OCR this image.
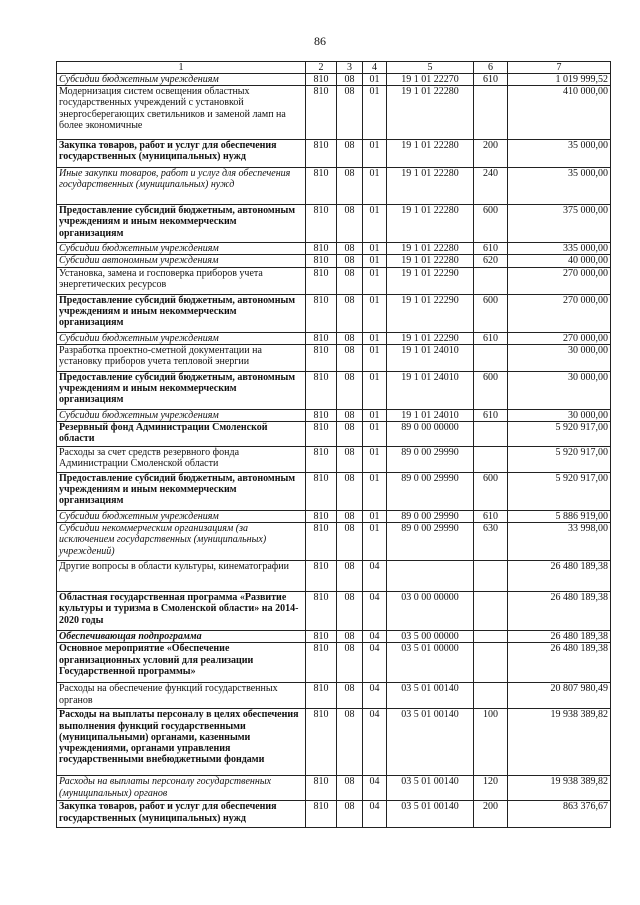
86
1	2	3	4	5	6	7
Субсидии бюджетным учреждениям	810	08	01	19 1 01 22270	610	1 019 999,52
Модернизация систем освещения областных государственных учреждений с установкой энергосберегающих светильников и заменой ламп на более экономичные	810	08	01	19 1 01 22280		410 000,00
Закупка товаров, работ и услуг для обеспечения государственных (муниципальных) нужд	810	08	01	19 1 01 22280	200	35 000,00
Иные закупки товаров, работ и услуг для обеспечения государственных (муниципальных) нужд	810	08	01	19 1 01 22280	240	35 000,00
Предоставление субсидий бюджетным, автономным учреждениям и иным некоммерческим организациям	810	08	01	19 1 01 22280	600	375 000,00
Субсидии бюджетным учреждениям	810	08	01	19 1 01 22280	610	335 000,00
Субсидии автономным учреждениям	810	08	01	19 1 01 22280	620	40 000,00
Установка, замена и госповерка приборов учета энергетических ресурсов	810	08	01	19 1 01 22290		270 000,00
Предоставление субсидий бюджетным, автономным учреждениям и иным некоммерческим организациям	810	08	01	19 1 01 22290	600	270 000,00
Субсидии бюджетным учреждениям	810	08	01	19 1 01 22290	610	270 000,00
Разработка проектно-сметной документации на установку приборов учета тепловой энергии	810	08	01	19 1 01 24010		30 000,00
Предоставление субсидий бюджетным, автономным учреждениям и иным некоммерческим организациям	810	08	01	19 1 01 24010	600	30 000,00
Субсидии бюджетным учреждениям	810	08	01	19 1 01 24010	610	30 000,00
Резервный фонд Администрации Смоленской области	810	08	01	89 0 00 00000		5 920 917,00
Расходы за счет средств резервного фонда Администрации Смоленской области	810	08	01	89 0 00 29990		5 920 917,00
Предоставление субсидий бюджетным, автономным учреждениям и иным некоммерческим организациям	810	08	01	89 0 00 29990	600	5 920 917,00
Субсидии бюджетным учреждениям	810	08	01	89 0 00 29990	610	5 886 919,00
Субсидии некоммерческим организациям (за исключением государственных (муниципальных) учреждений)	810	08	01	89 0 00 29990	630	33 998,00
Другие вопросы в области культуры, кинематографии	810	08	04			26 480 189,38
Областная государственная программа «Развитие культуры и туризма в Смоленской области» на 2014-2020 годы	810	08	04	03 0 00 00000		26 480 189,38
Обеспечивающая подпрограмма	810	08	04	03 5 00 00000		26 480 189,38
Основное мероприятие «Обеспечение организационных условий для реализации Государственной программы»	810	08	04	03 5 01 00000		26 480 189,38
Расходы на обеспечение функций государственных органов	810	08	04	03 5 01 00140		20 807 980,49
Расходы на выплаты персоналу в целях обеспечения выполнения функций государственными (муниципальными) органами, казенными учреждениями, органами управления государственными внебюджетными фондами	810	08	04	03 5 01 00140	100	19 938 389,82
Расходы на выплаты персоналу государственных (муниципальных) органов	810	08	04	03 5 01 00140	120	19 938 389,82
Закупка товаров, работ и услуг для обеспечения государственных (муниципальных) нужд	810	08	04	03 5 01 00140	200	863 376,67
